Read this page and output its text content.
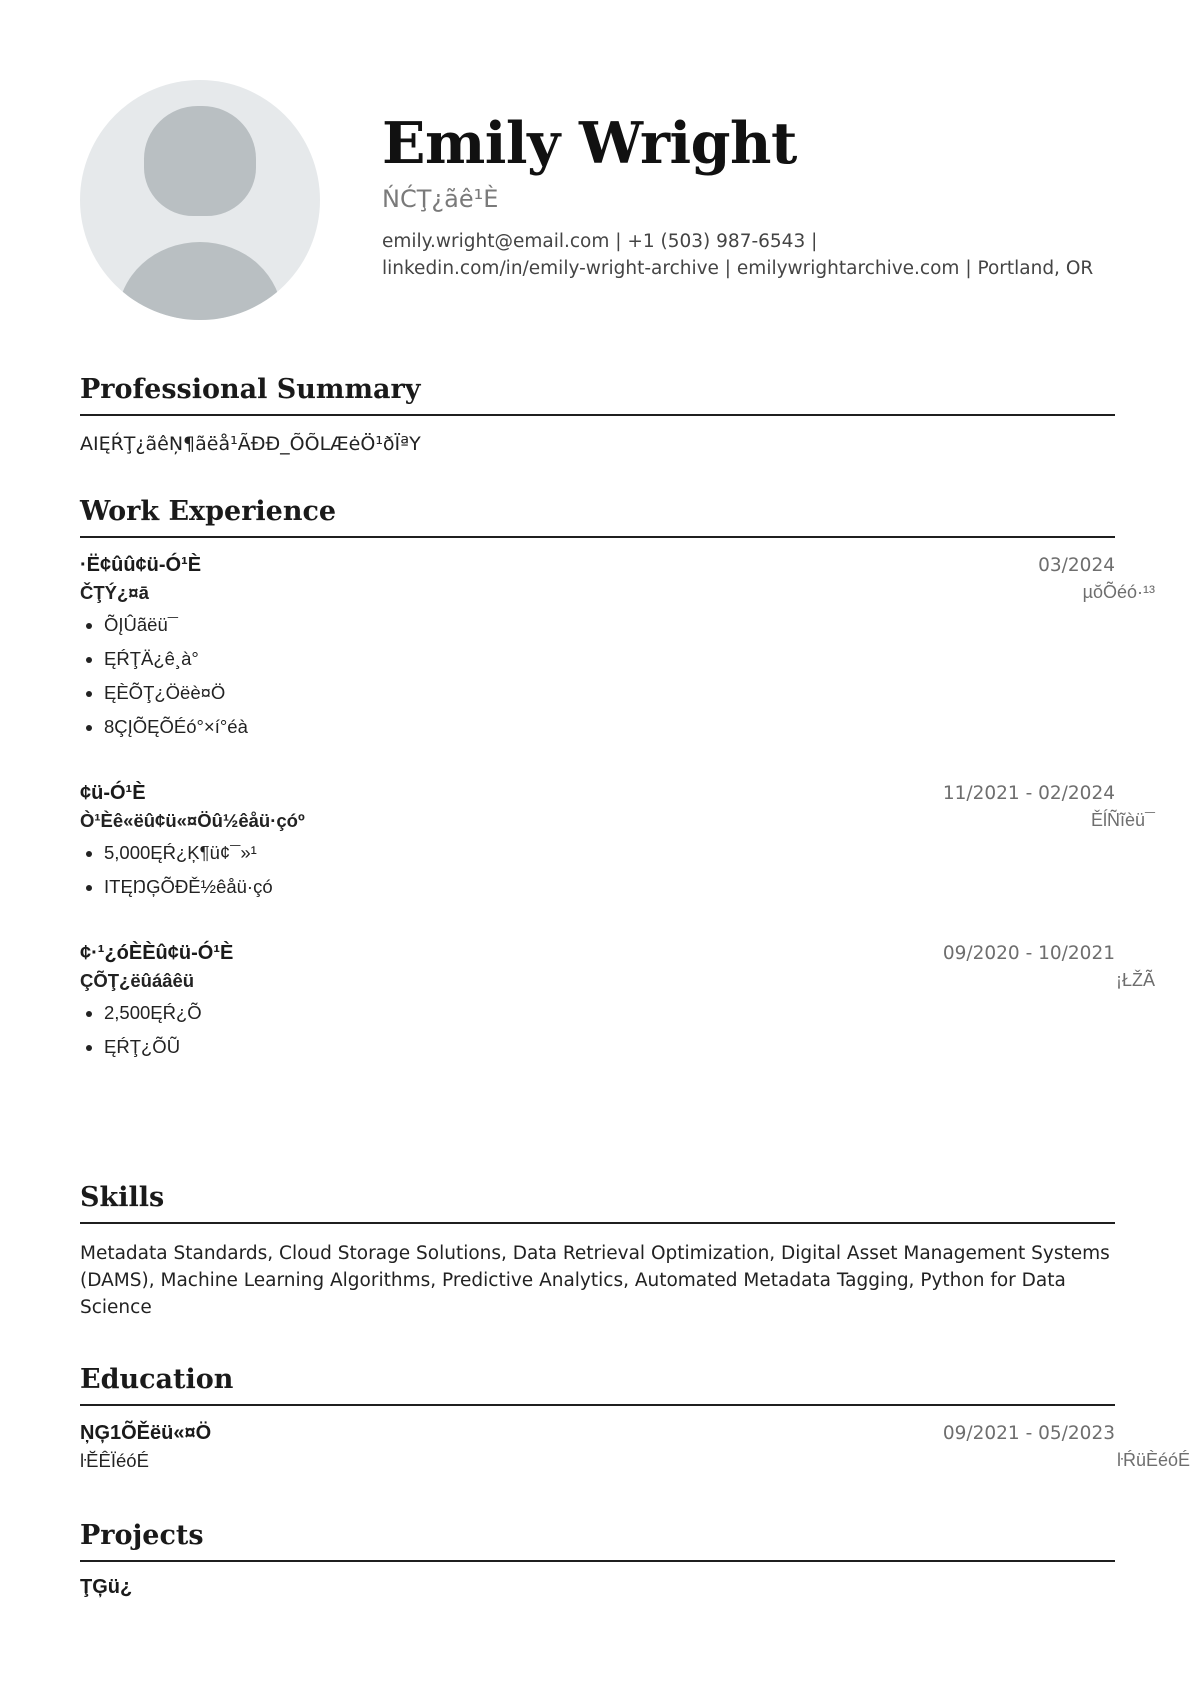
Emily Wright
ŃĆŢ¿ãê¹È
emily.wright@email.com | +1 (503) 987-6543 |
linkedin.com/in/emily-wright-archive | emilywrightarchive.com | Portland, OR
Professional Summary
AIĘŔŢ¿ãêŅ¶ãëå¹ÃÐÐ_ÕÕLÆėÖ¹ðÏªY
Work Experience
·Ë¢ûû¢ü-Ó¹È	03/2024
ČŢÝ¿¤ā	µŏÕéó·¹³
• ÕĮÛãëü¯
• ĘŔŢÄ¿ê¸à°
• ĘÈÕŢ¿Öëè¤Ö
• 8ÇĮÕĘÕÉó°×í°éà
¢ü-Ó¹È	11/2021 - 02/2024
Ò¹Èê«ëû¢ü«¤Öû½êåü·çóº	ĚĺÑĩèü¯
• 5,000ĘŔ¿Ķ¶ü¢¯»¹
• ITĘŊĢÕÐĚ½êåü·çó
¢·¹¿óÈÈû¢ü-Ó¹È	09/2020 - 10/2021
ÇÕŢ¿ëûáâêü	¡ŁŽÃ
• 2,500ĘŔ¿Õ
• ĘŔŢ¿ÕŨ
Skills
Metadata Standards, Cloud Storage Solutions, Data Retrieval Optimization, Digital Asset Management Systems (DAMS), Machine Learning Algorithms, Predictive Analytics, Automated Metadata Tagging, Python for Data Science
Education
ŅĢ1ÕĚëü«¤Ö	09/2021 - 05/2023
ŀĔÊÏéóÉ	ŀŔüÈéóÉ
Projects
ŢĢü¿
